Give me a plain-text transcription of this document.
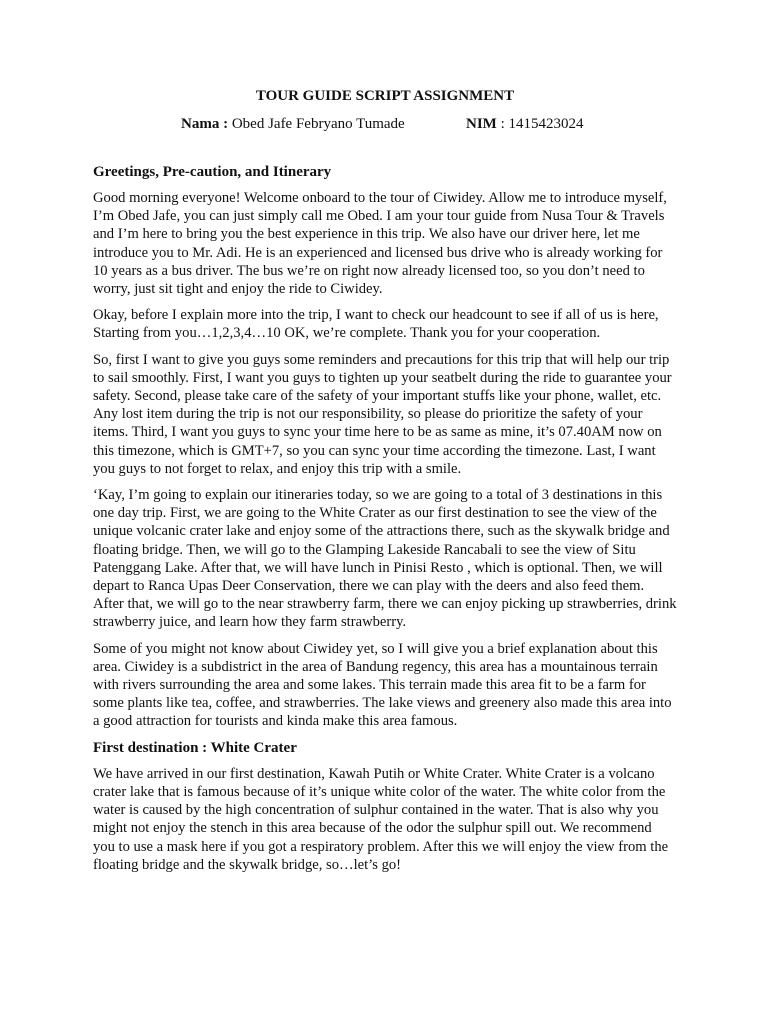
TOUR GUIDE SCRIPT ASSIGNMENT
Nama : Obed Jafe Febryano Tumade	NIM : 1415423024
Greetings, Pre-caution, and Itinerary

Good morning everyone! Welcome onboard to the tour of Ciwidey. Allow me to introduce myself, I’m Obed Jafe, you can just simply call me Obed. I am your tour guide from Nusa Tour & Travels and I’m here to bring you the best experience in this trip. We also have our driver here, let me introduce you to Mr. Adi. He is an experienced and licensed bus drive who is already working for 10 years as a bus driver. The bus we’re on right now already licensed too, so you don’t need to worry, just sit tight and enjoy the ride to Ciwidey.

Okay, before I explain more into the trip, I want to check our headcount to see if all of us is here, Starting from you…1,2,3,4…10 OK, we’re complete. Thank you for your cooperation.

So, first I want to give you guys some reminders and precautions for this trip that will help our trip to sail smoothly. First, I want you guys to tighten up your seatbelt during the ride to guarantee your safety. Second, please take care of the safety of your important stuffs like your phone, wallet, etc. Any lost item during the trip is not our responsibility, so please do prioritize the safety of your items. Third, I want you guys to sync your time here to be as same as mine, it’s 07.40AM now on this timezone, which is GMT+7, so you can sync your time according the timezone. Last, I want you guys to not forget to relax, and enjoy this trip with a smile.

‘Kay, I’m going to explain our itineraries today, so we are going to a total of 3 destinations in this one day trip. First, we are going to the White Crater as our first destination to see the view of the unique volcanic crater lake and enjoy some of the attractions there, such as the skywalk bridge and floating bridge. Then, we will go to the Glamping Lakeside Rancabali to see the view of Situ Patenggang Lake. After that, we will have lunch in Pinisi Resto , which is optional. Then, we will depart to Ranca Upas Deer Conservation, there we can play with the deers and also feed them. After that, we will go to the near strawberry farm, there we can enjoy picking up strawberries, drink strawberry juice, and learn how they farm strawberry.

Some of you might not know about Ciwidey yet, so I will give you a brief explanation about this area. Ciwidey is a subdistrict in the area of Bandung regency, this area has a mountainous terrain with rivers surrounding the area and some lakes. This terrain made this area fit to be a farm for some plants like tea, coffee, and strawberries. The lake views and greenery also made this area into a good attraction for tourists and kinda make this area famous.

First destination : White Crater

We have arrived in our first destination, Kawah Putih or White Crater. White Crater is a volcano crater lake that is famous because of it’s unique white color of the water. The white color from the water is caused by the high concentration of sulphur contained in the water. That is also why you might not enjoy the stench in this area because of the odor the sulphur spill out. We recommend you to use a mask here if you got a respiratory problem. After this we will enjoy the view from the floating bridge and the skywalk bridge, so…let’s go!
